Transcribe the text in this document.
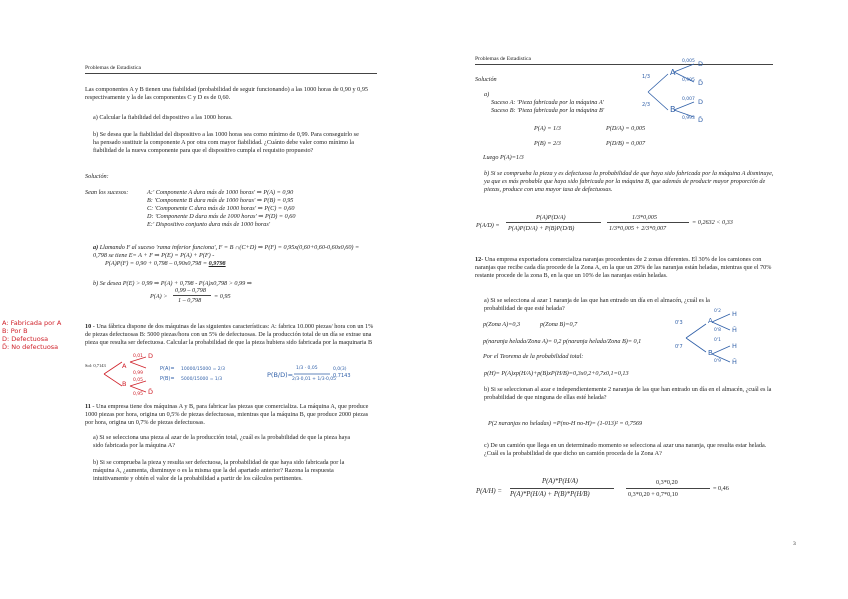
Problemas de Estadistica
Las componentes A y B tienen una fiabilidad (probabilidad de seguir funcionando) a las 1000 horas de 0,90 y 0,95 respectivamente y la de las componentes C y D es de 0,60.
a) Calcular la fiabilidad del dispositivo a las 1000 horas.
b) Se desea que la fiabilidad del dispositivo a las 1000 horas sea como mínimo de 0,99. Para conseguirlo se ha pensado sustituir la componente A por otra com mayor fiabilidad. ¿Cuánto debe valer como mínimo la fiabilidad de la nueva componente para que el dispositivo cumpla el requisito propuesto?
Solución:
Sean los sucesos:	A:' Componente A dura más de 1000 horas' ⇒ P(A) = 0,90
B: 'Componente B dura más de 1000 horas' ⇒ P(B) = 0,95
C: 'Componente C dura más de 1000 horas' ⇒ P(C) = 0,60
D: 'Componente D dura más de 1000 horas' ⇒ P(D) = 0,60
E:' Dispositivo conjunto dura más de 1000 horas'
a) Llamando F al suceso 'rama inferior funciona', F = B ∩(C+D) ⇒ P(F) = 0,95x(0,60+0,60-0,60x0,60) = 0,798 se tiene E= A + F ⇒ P(E) = P(A) + P(F) -
P(A)P(F) = 0,90 + 0,798 – 0,90x0,798 = 0,9798
b) Se desea P(E) > 0,99 ⇒ P(A) + 0,798 - P(A)x0,798 > 0,99 ⇒
P(A) >
0,99 – 0,798
1 – 0,798
= 0,95
10 - Una fábrica dispone de dos máquinas de las siguientes características: A: fabrica 10.000 piezas/ hora con un 1% de piezas defectuosas B: 5000 piezas/hora con un 5% de defectuosas. De la producción total de un día se extrae una pieza que resulta ser defectuosa. Calcular la probabilidad de que la pieza hubiera sido fabricada por la maquinaria B
Sol: 0,7143
A: Fabricada por A
B: Por B
D: Defectuosa
D̄: No defectuosa
A
B
D
D̄
0,01
0,99
0,05
0,95
P(A)= 10000/15000 = 2/3
P(B)= 5000/15000 = 1/3
P(B/D)=
1/3 · 0,05
2/3·0,01 + 1/3·0,05
0,0(3)
0,7143
11 - Una empresa tiene dos máquinas A y B, para fabricar las piezas que comercializa. La máquina A, que produce 1000 piezas por hora, origina un 0,5% de piezas defectuosas, mientras que la máquina B, que produce 2000 piezas por hora, origina un 0,7% de piezas defectuosas.
a) Si se selecciona una pieza al azar de la producción total, ¿cuál es la probabilidad de que la pieza haya sido fabricada por la máquina A?
b) Si se comprueba la pieza y resulta ser defectuosa, la probabilidad de que haya sido fabricada por la máquina A, ¿aumenta, disminuye o es la misma que la del apartado anterior? Razona la respuesta intuitivamente y obtén el valor de la probabilidad a partir de los cálculos pertinentes.
Problemas de Estadistica
Solución
a)
Suceso A: 'Pieza fabricada por la máquina A'
Suceso B: 'Pieza fabricada por la máquina B'
P(A) = 1/3
P(B) = 2/3
P(D/A) = 0,005
P(D/B) = 0,007
Luego P(A)=1/3
1/3
2/3
A
B
0,005
0,007
0,995
0,993
D
D̄
D
D̄
b) Si se comprueba la pieza y es defectuosa la probabilidad de que haya sido fabricada por la máquina A disminuye, ya que es más probable que haya sido fabricada por la máquina B, que además de producir mayor proporción de piezas, produce con una mayor tasa de defectuosas.
P(A/D) =
P(A)P(D/A)
P(A)P(D/A) + P(B)P(D/B)
1/3*0,005
1/3*0,005 + 2/3*0,007
= 0,2632 < 0,33
12- Una empresa exportadora comercializa naranjas procedentes de 2 zonas diferentes. El 30% de los camiones con naranjas que recibe cada día procede de la Zona A, en la que un 20% de las naranjas están heladas, mientras que el 70% restante procede de la zona B, en la que un 10% de las naranjas están heladas.
a) Si se selecciona al azar 1 naranja de las que han entrado un día en el almacén, ¿cuál es la probabilidad de que esté helada?
p(Zona A)=0,3	p(Zona B)=0,7
p(naranja helada/Zona A)= 0,2 p(naranja helada/Zona B)= 0,1
Por el Teorema de la probabilidad total:
p(H)= P(A)xp(H/A)+p(B)xP(H/B)=0,3x0,2+0,7x0,1=0,13
0'3
0'7
A
B
0'2
0'1
0'8
0'9
H
H̄
H
H̄
b) Si se seleccionan al azar e independientemente 2 naranjas de las que han entrado un día en el almacén, ¿cuál es la probabilidad de que ninguna de ellas esté helada?
P(2 naranjas no heladas) =P(no-H no-H)= (1-013)² = 0,7569
c) De un camión que llega en un determinado momento se selecciona al azar una naranja, que resulta estar helada. ¿Cuál es la probabilidad de que dicho un camión proceda de la Zona A?
P(A/H) =
P(A)*P(H/A)
P(A)*P(H/A) + P(B)*P(H/B)
0,3*0,20
0,3*0,20 + 0,7*0,10
= 0,46
3
